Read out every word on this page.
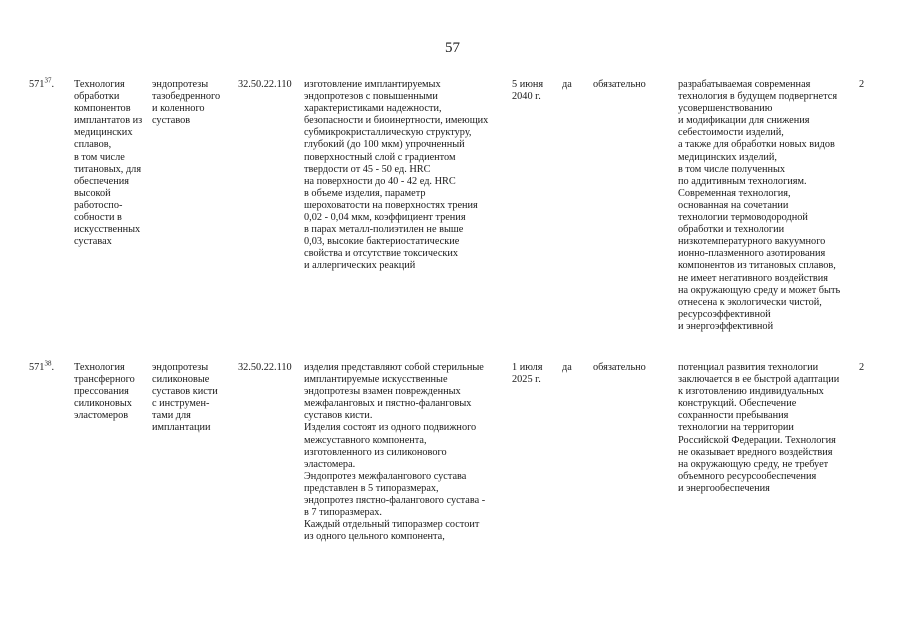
57
$571^{37}$. Технология
обработки
компонентов
имплантатов из
медицинских
сплавов,
в том числе
титановых, для
обеспечения
высокой
работоспо-
собности в
искусственных
суставах
эндопротезы
тазобедренного
и коленного
суставов
32.50.22.110 изготовление имплантируемых
эндопротезов с повышенными
характеристиками надежности,
безопасности и биоинертности, имеющих
субмикрокристаллическую структуру,
глубокий (до 100 мкм) упрочненный
поверхностный слой с градиентом
твердости от 45 - 50 ед. HRC
на поверхности до 40 - 42 ед. HRC
в объеме изделия, параметр
шероховатости на поверхностях трения
0,02 - 0,04 мкм, коэффициент трения
в парах металл-полиэтилен не выше
0,03, высокие бактериостатические
свойства и отсутствие токсических
и аллергических реакций
5 июня
2040 г.
да обязательно	разрабатываемая современная
технология в будущем подвергнется
усовершенствованию
и модификации для снижения
себестоимости изделий,
а также для обработки новых видов
медицинских изделий,
в том числе полученных
по аддитивным технологиям.
Современная технология,
основанная на сочетании
технологии термоводородной
обработки и технологии
низкотемпературного вакуумного
ионно-плазменного азотирования
компонентов из титановых сплавов,
не имеет негативного воздействия
на окружающую среду и может быть
отнесена к экологически чистой,
ресурсоэффективной
и энергоэффективной
2
$571^{38}$. Технология
трансферного
прессования
силиконовых
эластомеров
эндопротезы
силиконовые
суставов кисти
с инструмен-
тами для
имплантации
32.50.22.110 изделия представляют собой стерильные
имплантируемые искусственные
эндопротезы взамен поврежденных
межфаланговых и пястно-фаланговых
суставов кисти.
Изделия состоят из одного подвижного
межсуставного компонента,
изготовленного из силиконового
эластомера.
Эндопротез межфалангового сустава
представлен в 5 типоразмерах,
эндопротез пястно-фалангового сустава -
в 7 типоразмерах.
Каждый отдельный типоразмер состоит
из одного цельного компонента,
1 июля
2025 г.
да обязательно	потенциал развития технологии
заключается в ее быстрой адаптации
к изготовлению индивидуальных
конструкций. Обеспечение
сохранности пребывания
технологии на территории
Российской Федерации. Технология
не оказывает вредного воздействия
на окружающую среду, не требует
объемного ресурсообеспечения
и энергообеспечения
2
